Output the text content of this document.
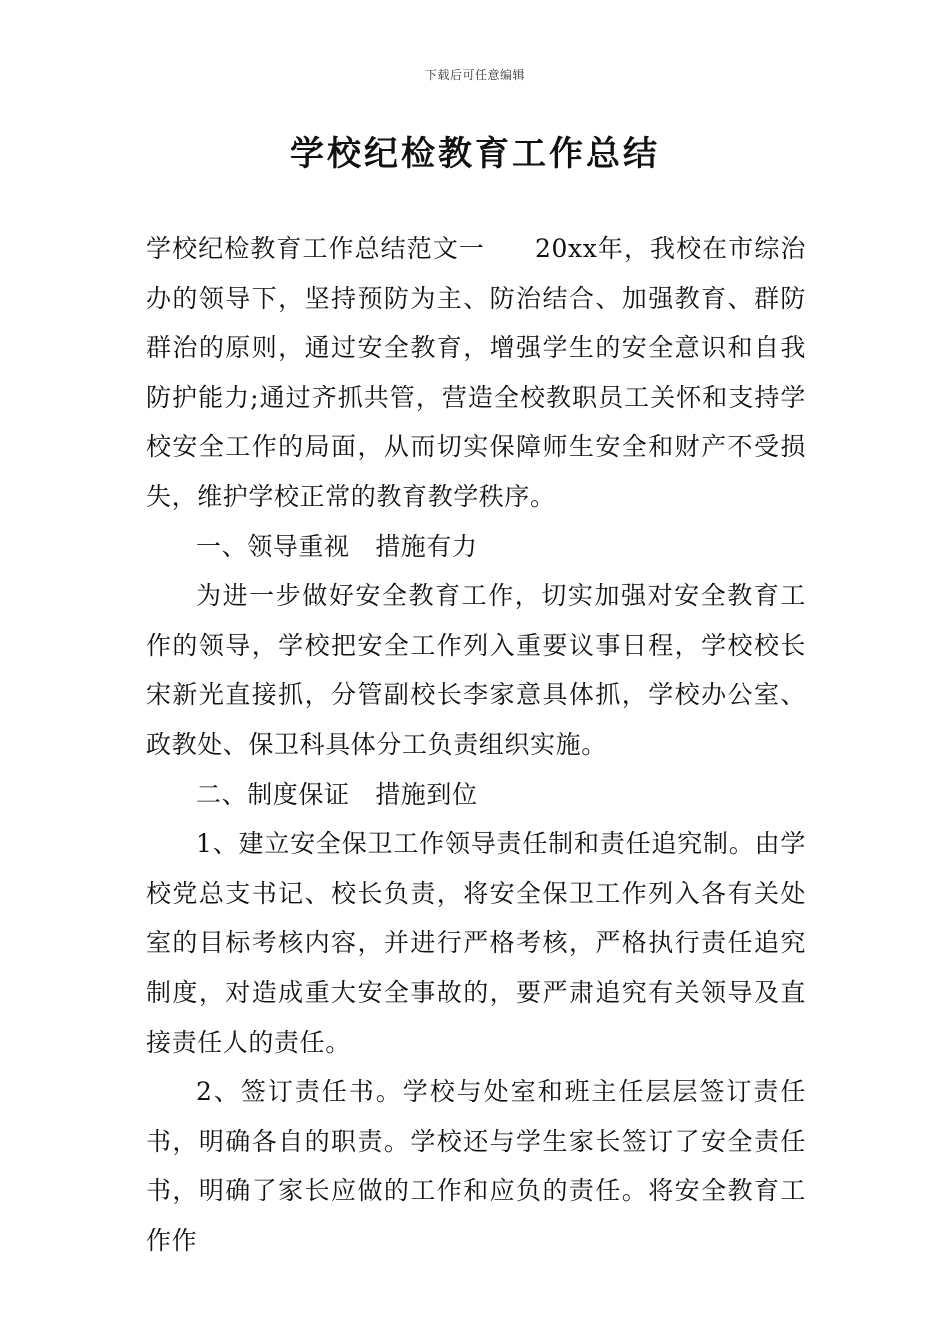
下载后可任意编辑
学校纪检教育工作总结

学校纪检教育工作总结范文一 20xx年，我校在市综治办的领导下，坚持预防为主、防治结合、加强教育、群防群治的原则，通过安全教育，增强学生的安全意识和自我防护能力;通过齐抓共管，营造全校教职员工关怀和支持学校安全工作的局面，从而切实保障师生安全和财产不受损失，维护学校正常的教育教学秩序。

一、领导重视　措施有力

为进一步做好安全教育工作，切实加强对安全教育工作的领导，学校把安全工作列入重要议事日程，学校校长宋新光直接抓，分管副校长李家意具体抓，学校办公室、政教处、保卫科具体分工负责组织实施。

二、制度保证　措施到位

1、建立安全保卫工作领导责任制和责任追究制。由学校党总支书记、校长负责，将安全保卫工作列入各有关处室的目标考核内容，并进行严格考核，严格执行责任追究制度，对造成重大安全事故的，要严肃追究有关领导及直接责任人的责任。

2、签订责任书。学校与处室和班主任层层签订责任书，明确各自的职责。学校还与学生家长签订了安全责任书，明确了家长应做的工作和应负的责任。将安全教育工作作
